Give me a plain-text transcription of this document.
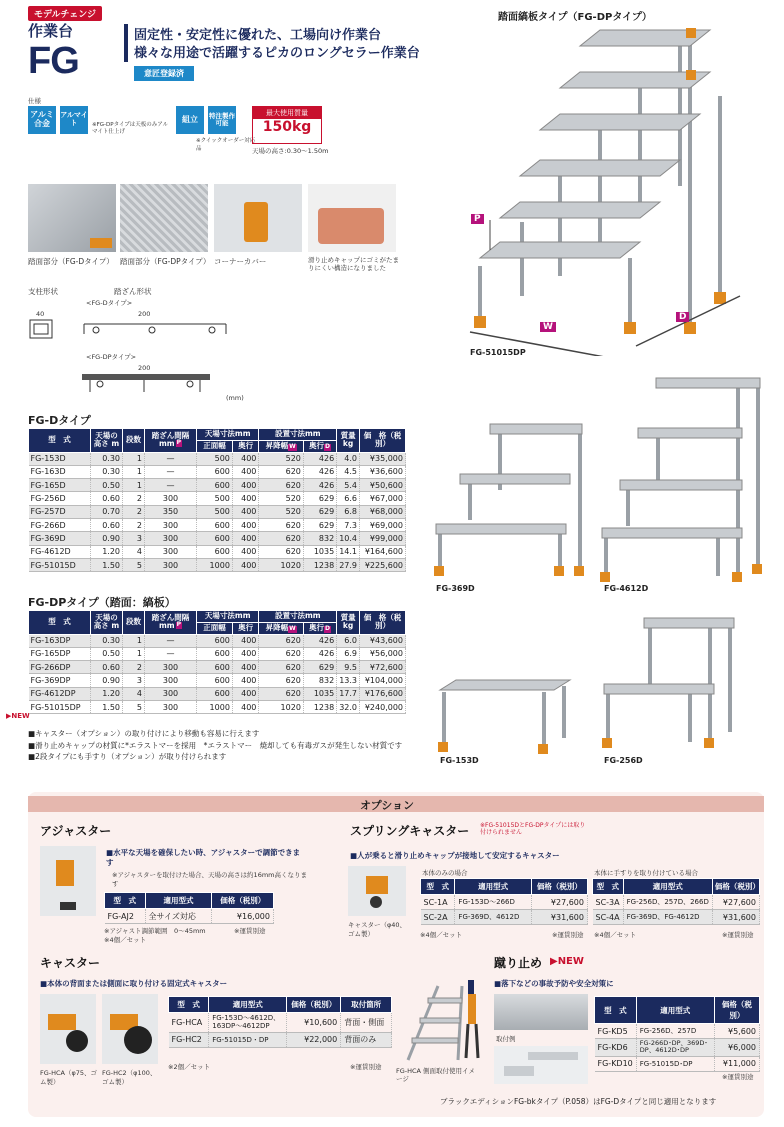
モデルチェンジ
作業台
FG
固定性・安定性に優れた、工場向け作業台
様々な用途で活躍するピカのロングセラー作業台
意匠登録済
仕様
アルミ合金
アルマイト	※FG-DPタイプは天板のみアルマイト仕上げ
組立 特注製作可能
※クイックオーダー対応品
最大使用質量
150kg
天場の高さ:0.30〜1.50m
踏面部分（FG-Dタイプ） 踏面部分（FG-DPタイプ） コーナーカバー	滑り止めキャップにゴミがたまりにくい構造になりました
支柱形状	踏ざん形状
<FG-Dタイプ>
40	200
<FG-DPタイプ>
200
(mm)
踏面縞板タイプ（FG-DPタイプ）
P
W
D
FG-51015DP
FG-369D	FG-4612D
FG-153D	FG-256D
FG-Dタイプ
型　式	天場の高さ m	段数	踏ざん間隔 mm P	天場寸法mm		設置寸法mm		質量 kg	価　格（税別）
				正面幅	奥行	昇降幅W	奥行D		
FG-153D	0.30	1	—	500	400	520	426	4.0	¥35,000
FG-163D	0.30	1	—	600	400	620	426	4.5	¥36,600
FG-165D	0.50	1	—	600	400	620	426	5.4	¥50,600
FG-256D	0.60	2	300	500	400	520	629	6.6	¥67,000
FG-257D	0.70	2	350	500	400	520	629	6.8	¥68,000
FG-266D	0.60	2	300	600	400	620	629	7.3	¥69,000
FG-369D	0.90	3	300	600	400	620	832	10.4	¥99,000
FG-4612D	1.20	4	300	600	400	620	1035	14.1	¥164,600
FG-51015D	1.50	5	300	1000	400	1020	1238	27.9	¥225,600
FG-DPタイプ（踏面：縞板）
▶NEW
型　式	天場の高さ m	段数	踏ざん間隔 mm P	天場寸法mm		設置寸法mm		質量 kg	価　格（税別）
				正面幅	奥行	昇降幅W	奥行D		
FG-163DP	0.30	1	—	600	400	620	426	6.0	¥43,600
FG-165DP	0.50	1	—	600	400	620	426	6.9	¥56,000
FG-266DP	0.60	2	300	600	400	620	629	9.5	¥72,600
FG-369DP	0.90	3	300	600	400	620	832	13.3	¥104,000
FG-4612DP	1.20	4	300	600	400	620	1035	17.7	¥176,600
FG-51015DP	1.50	5	300	1000	400	1020	1238	32.0	¥240,000
■キャスター（オプション）の取り付けにより移動も容易に行えます
■滑り止めキャップの材質に*エラストマーを採用　*エラストマー　焼却しても有毒ガスが発生しない材質です
■2段タイプにも手すり（オプション）が取り付けられます
オプション
アジャスター
■水平な天場を確保したい時、アジャスターで調節できます
※アジャスターを取付けた場合、天場の高さは約16mm高くなります
型　式	適用型式	価格（税別）
FG-AJ2	全サイズ対応	¥16,000
※アジャスト調節範囲　0〜45mm	※運賃別途
※4個／セット
スプリングキャスター ※FG-51015DとFG-DPタイプには取り付けられません
■人が乗ると滑り止めキャップが接地して安定するキャスター
キャスター（φ40、ゴム製）
本体のみの場合
型　式	適用型式	価格（税別）
SC-1A	FG-153D〜266D	¥27,600
SC-2A	FG-369D、4612D	¥31,600
本体に手すりを取り付けている場合
型　式	適用型式	価格（税別）
SC-3A	FG-256D、257D、266D	¥27,600
SC-4A	FG-369D、FG-4612D	¥31,600
※4個／セット	※運賃別途 ※4個／セット	※運賃別途
キャスター
■本体の背面または側面に取り付ける固定式キャスター
FG-HCA（φ75、ゴム製）
FG-HC2（φ100、ゴム製）
型　式	適用型式	価格（税別）	取付箇所
FG-HCA	FG-153D〜4612D、163DP〜4612DP	¥10,600	背面・側面
FG-HC2	FG-51015D・DP	¥22,000	背面のみ
※2個／セット	※運賃別途 FG-HCA 側面取付使用イメージ
蹴り止め ▶NEW
■落下などの事故予防や安全対策に
取付例
型　式	適用型式	価格（税別）
FG-KD5	FG-256D、257D	¥5,600
FG-KD6	FG-266D･DP、369D･DP、4612D･DP	¥6,000
FG-KD10	FG-51015D･DP	¥11,000
※運賃別途
ブラックエディションFG-bkタイプ（P.058）はFG-Dタイプと同じ適用となります
